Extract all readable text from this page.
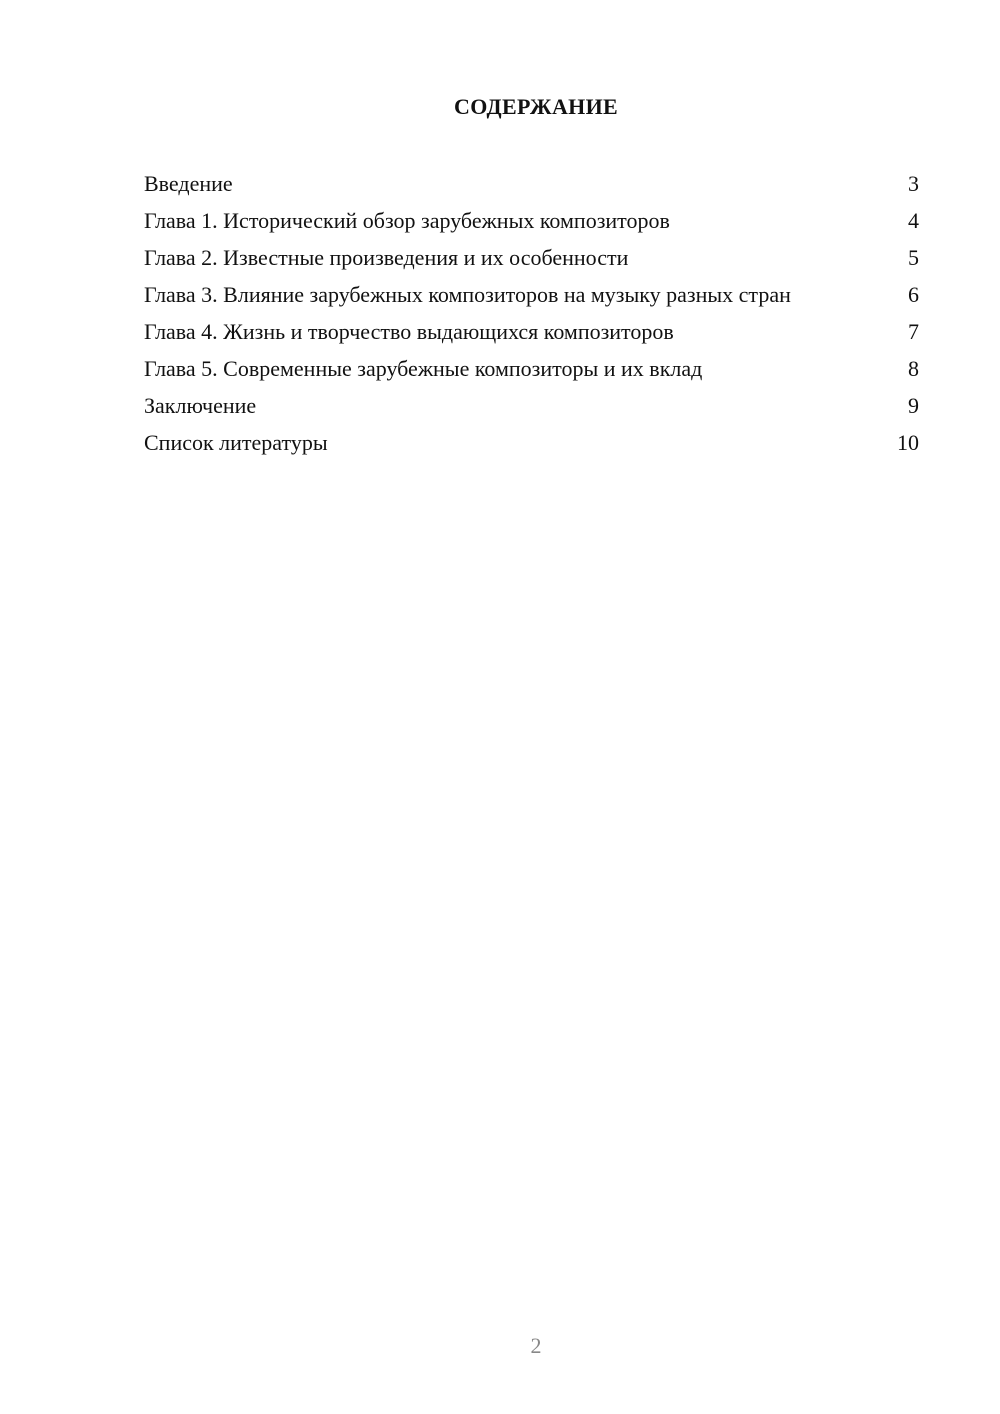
СОДЕРЖАНИЕ
Введение	3
Глава 1. Исторический обзор зарубежных композиторов	4
Глава 2. Известные произведения и их особенности	5
Глава 3. Влияние зарубежных композиторов на музыку разных стран	6
Глава 4. Жизнь и творчество выдающихся композиторов	7
Глава 5. Современные зарубежные композиторы и их вклад	8
Заключение	9
Список литературы	10
2
